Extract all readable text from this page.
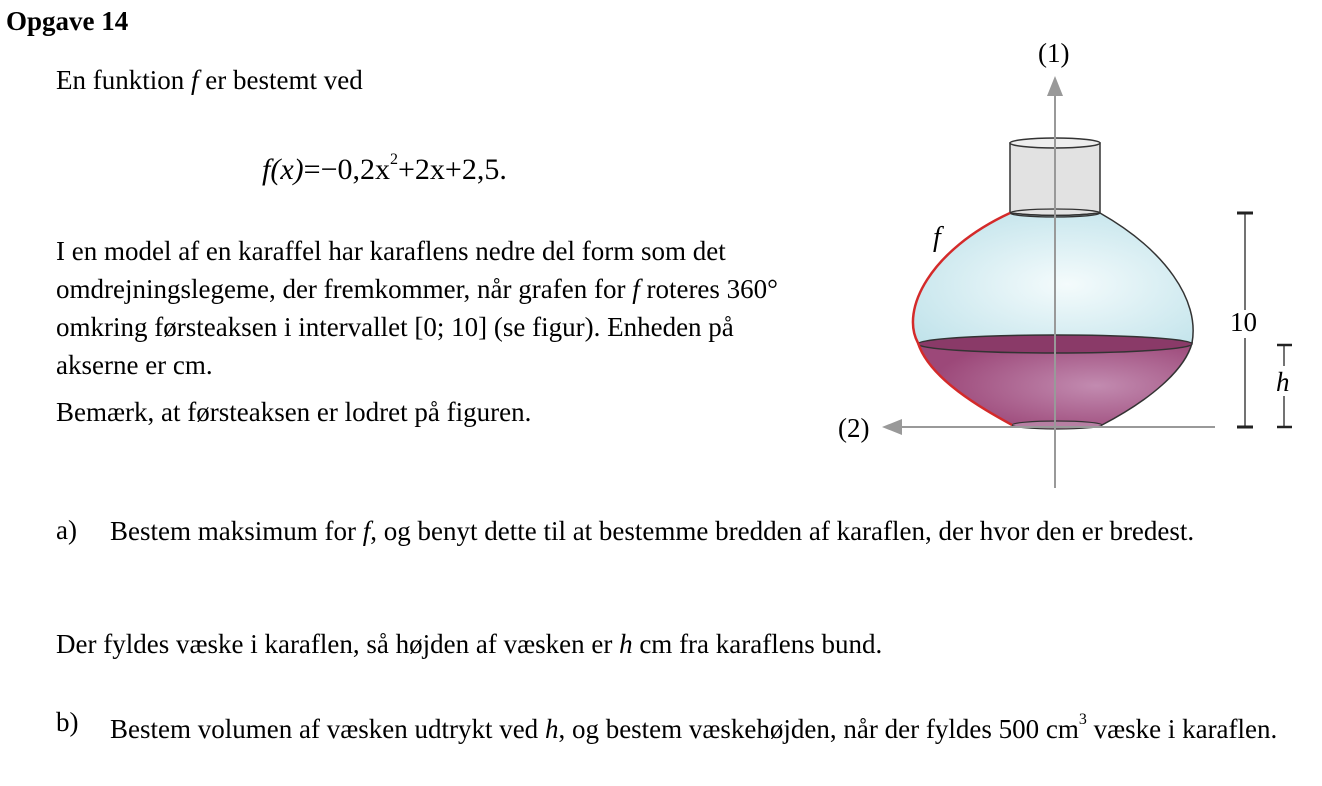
Opgave 14
En funktion f er bestemt ved
$f(x)=-0,2x^2+2x+2,5$.
I en model af en karaffel har karaflens nedre del form som det omdrejningslegeme, der fremkommer, når grafen for f roteres 360° omkring førsteaksen i intervallet [0; 10] (se figur). Enheden på akserne er cm.
Bemærk, at førsteaksen er lodret på figuren.
(1)
(2)
f
10
h
a) Bestem maksimum for f, og benyt dette til at bestemme bredden af karaflen, der hvor den er bredest.
Der fyldes væske i karaflen, så højden af væsken er h cm fra karaflens bund.
b) Bestem volumen af væsken udtrykt ved h, og bestem væskehøjden, når der fyldes 500 $cm^3$ væske i karaflen.
